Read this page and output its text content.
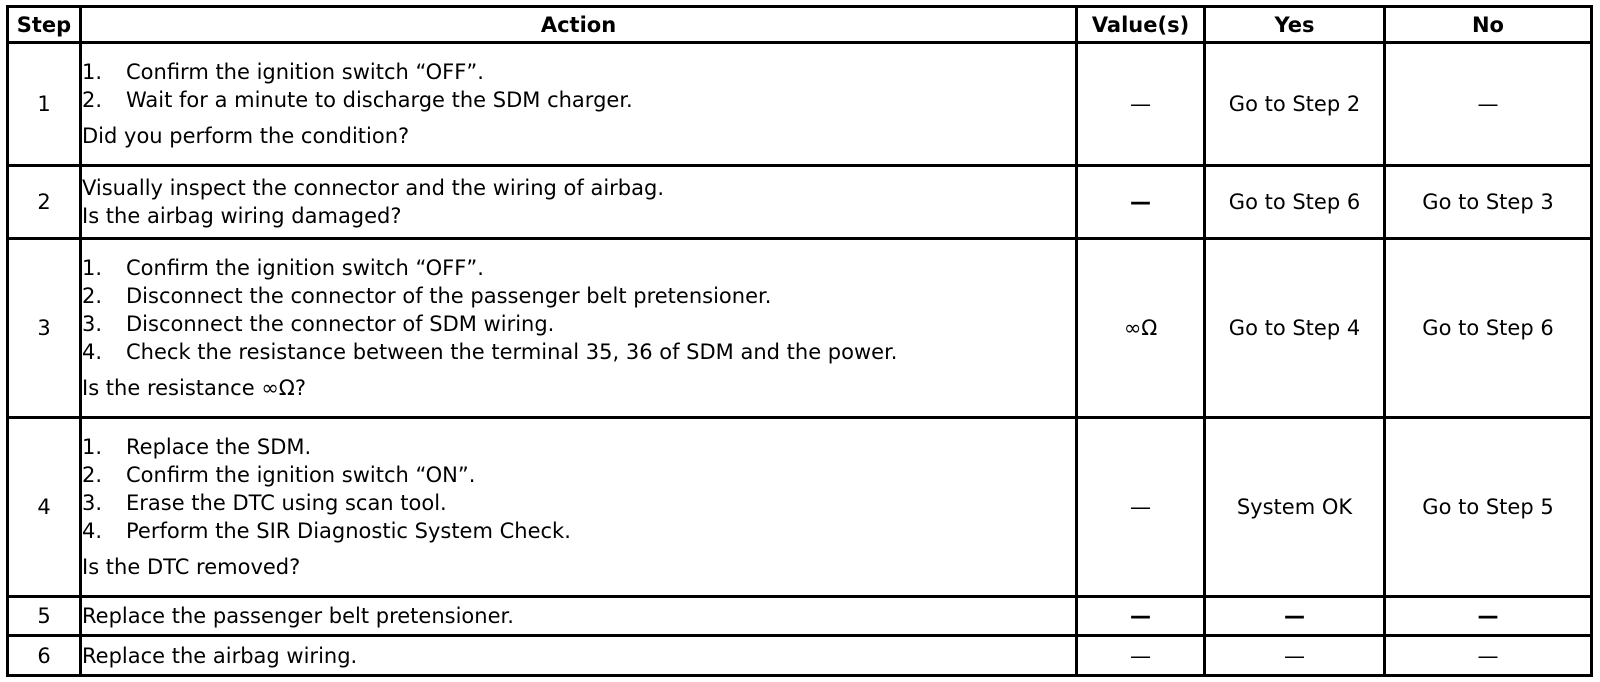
Step	Action	Value(s)	Yes	No
1	1. Confirm the ignition switch “OFF”.
2. Wait for a minute to discharge the SDM charger.
Did you perform the condition?	—	Go to Step 2	—
2	Visually inspect the connector and the wiring of airbag.
Is the airbag wiring damaged?	—	Go to Step 6	Go to Step 3
3	1. Confirm the ignition switch “OFF”.
2. Disconnect the connector of the passenger belt pretensioner.
3. Disconnect the connector of SDM wiring.
4. Check the resistance between the terminal 35, 36 of SDM and the power.
Is the resistance ∞Ω?	∞Ω	Go to Step 4	Go to Step 6
4	1. Replace the SDM.
2. Confirm the ignition switch “ON”.
3. Erase the DTC using scan tool.
4. Perform the SIR Diagnostic System Check.
Is the DTC removed?	—	System OK	Go to Step 5
5	Replace the passenger belt pretensioner.	—	—	—
6	Replace the airbag wiring.	—	—	—
